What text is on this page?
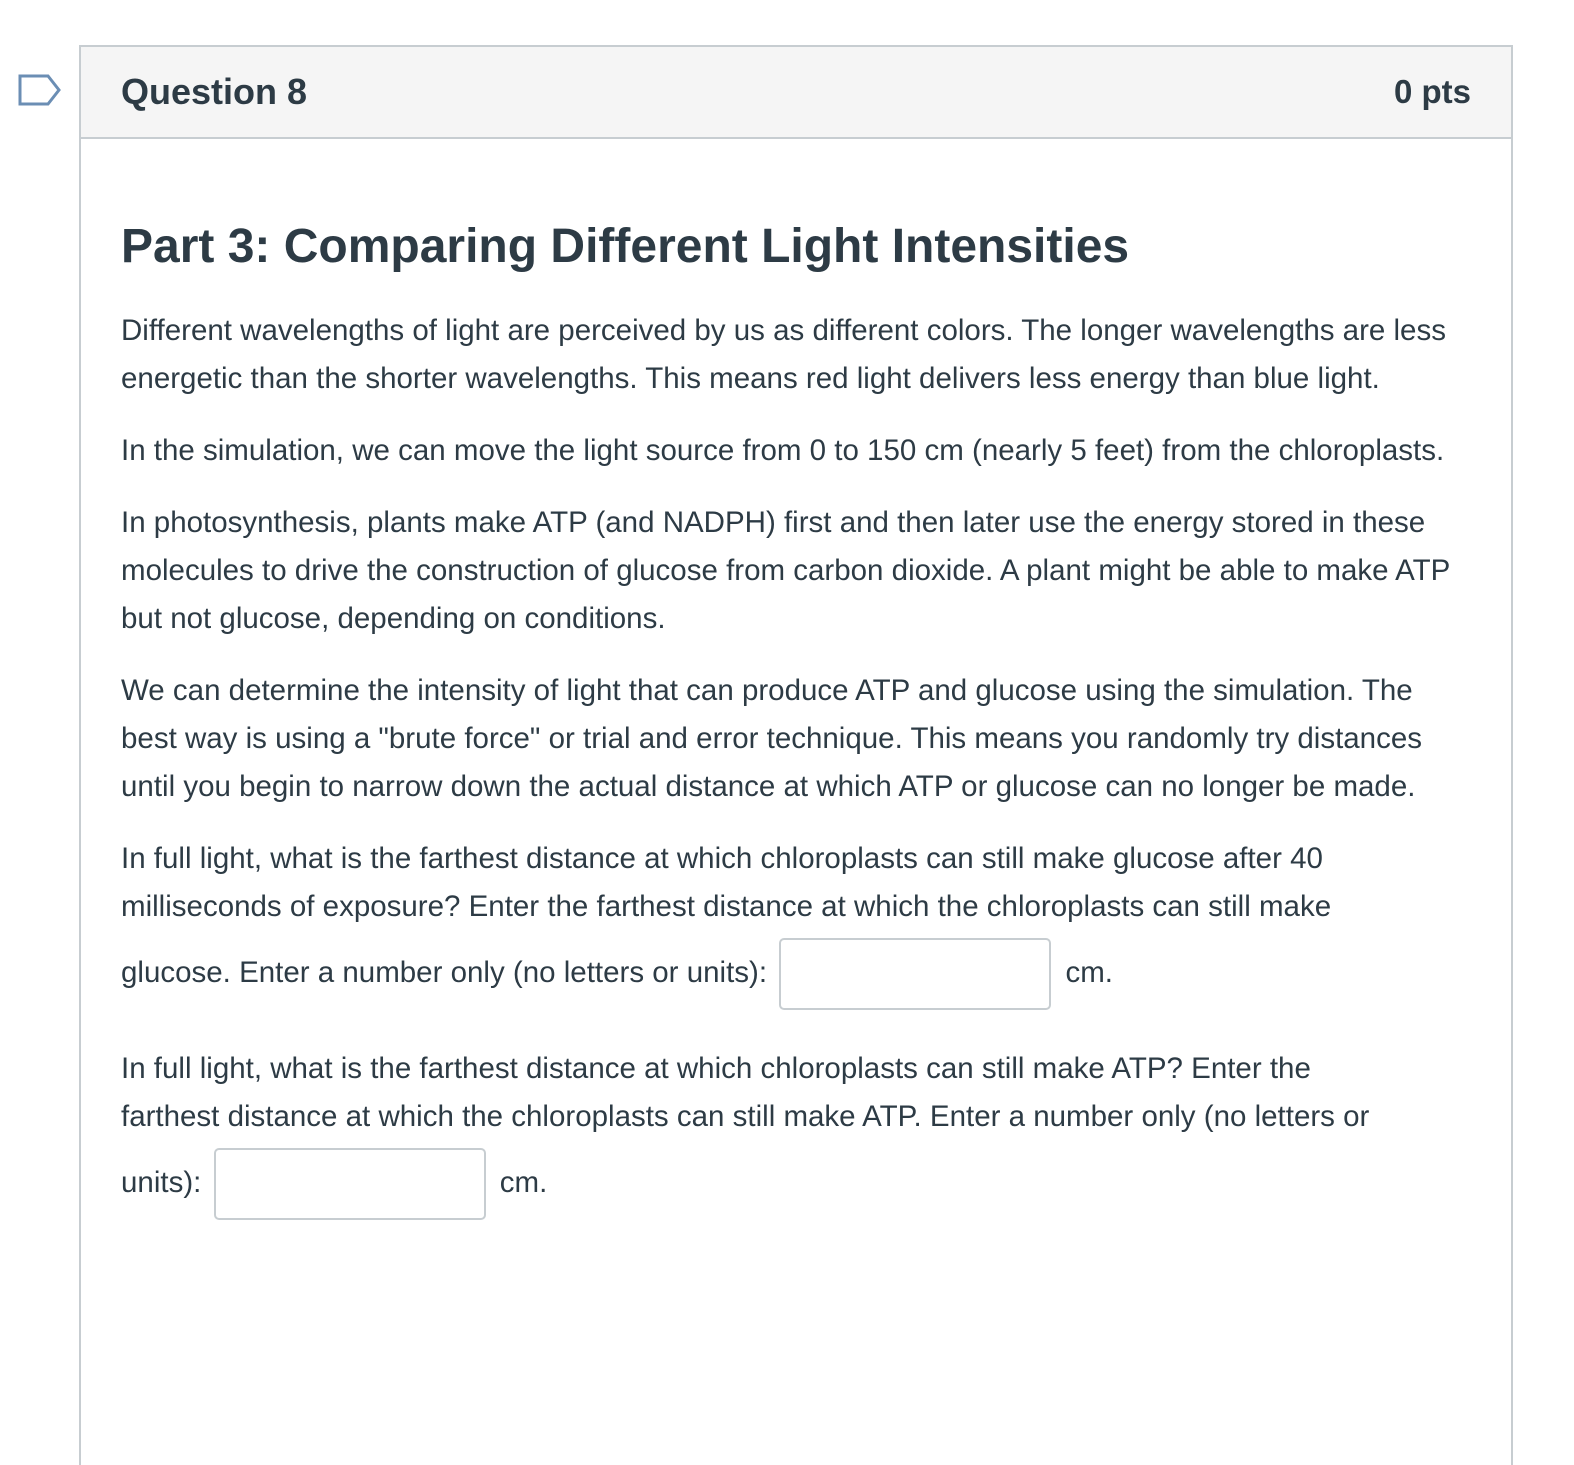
Question 8	0 pts
Part 3: Comparing Different Light Intensities

Different wavelengths of light are perceived by us as different colors. The longer wavelengths are less energetic than the shorter wavelengths. This means red light delivers less energy than blue light.

In the simulation, we can move the light source from 0 to 150 cm (nearly 5 feet) from the chloroplasts.

In photosynthesis, plants make ATP (and NADPH) first and then later use the energy stored in these molecules to drive the construction of glucose from carbon dioxide. A plant might be able to make ATP but not glucose, depending on conditions.

We can determine the intensity of light that can produce ATP and glucose using the simulation. The best way is using a "brute force" or trial and error technique. This means you randomly try distances until you begin to narrow down the actual distance at which ATP or glucose can no longer be made.

In full light, what is the farthest distance at which chloroplasts can still make glucose after 40
milliseconds of exposure? Enter the farthest distance at which the chloroplasts can still make
glucose. Enter a number only (no letters or units):	cm.
In full light, what is the farthest distance at which chloroplasts can still make ATP? Enter the
farthest distance at which the chloroplasts can still make ATP. Enter a number only (no letters or
units):	cm.
